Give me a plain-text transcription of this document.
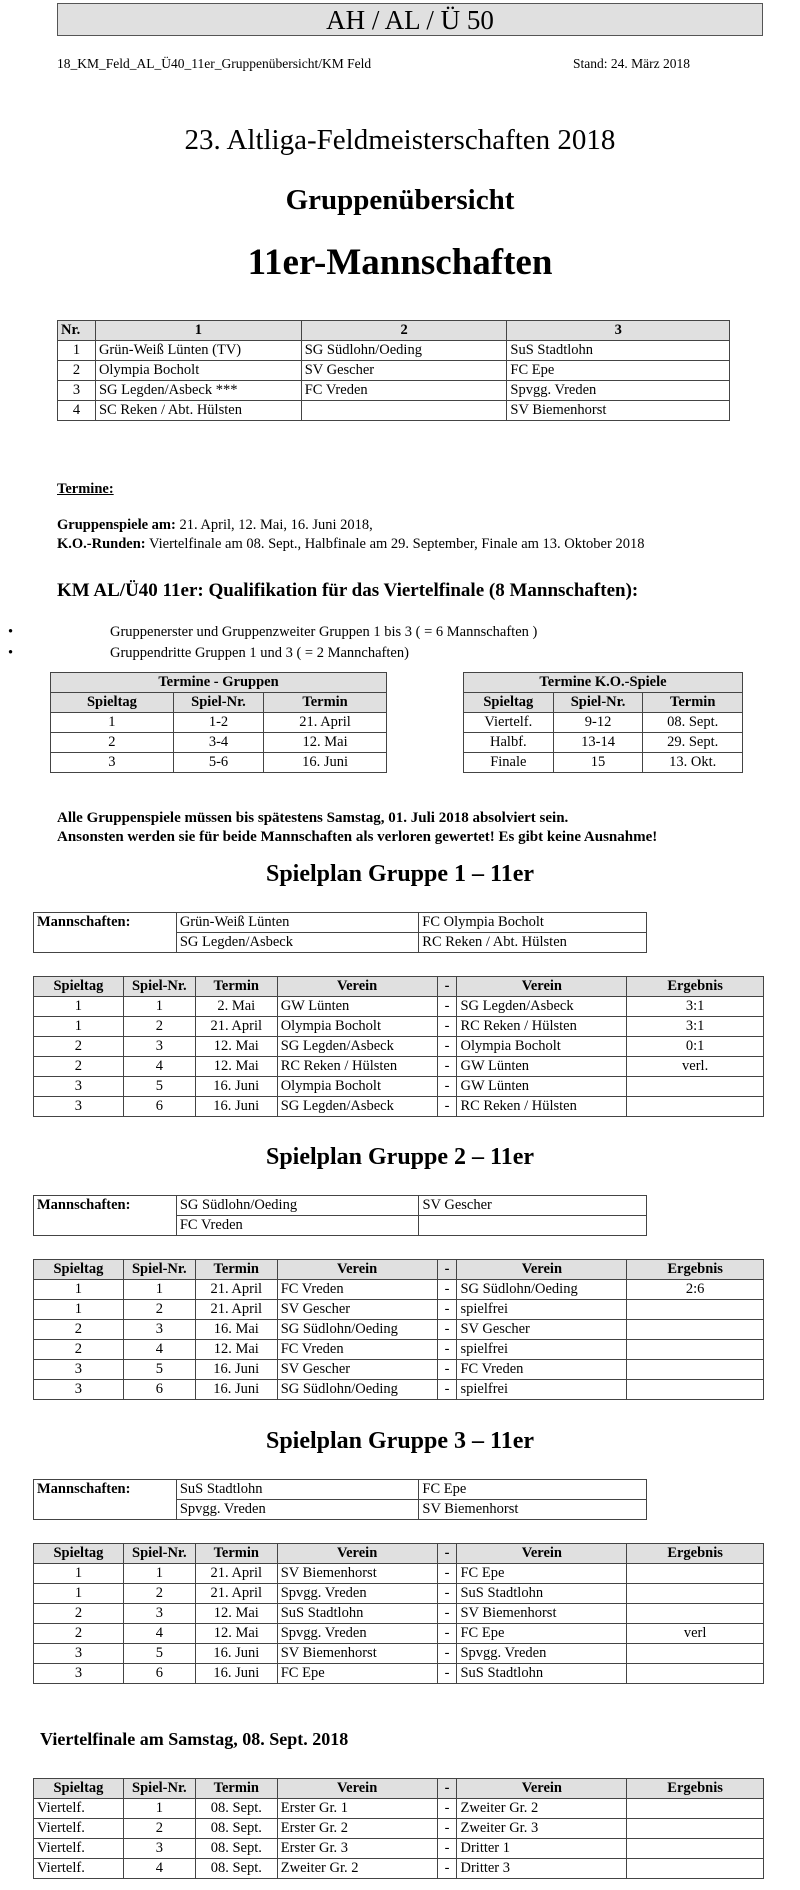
AH / AL / Ü 50
18_KM_Feld_AL_Ü40_11er_Gruppenübersicht/KM Feld	Stand: 24. März 2018
23. Altliga-Feldmeisterschaften 2018
Gruppenübersicht
11er-Mannschaften
Nr.	1	2	3
1	Grün-Weiß Lünten (TV)	SG Südlohn/Oeding	SuS Stadtlohn
2	Olympia Bocholt	SV Gescher	FC Epe
3	SG Legden/Asbeck ***	FC Vreden	Spvgg. Vreden
4	SC Reken / Abt. Hülsten		SV Biemenhorst
Termine:
Gruppenspiele am: 21. April, 12. Mai, 16. Juni 2018,
K.O.-Runden: Viertelfinale am 08. Sept., Halbfinale am 29. September, Finale am 13. Oktober 2018
KM AL/Ü40 11er: Qualifikation für das Viertelfinale (8 Mannschaften):
•	Gruppenerster und Gruppenzweiter Gruppen 1 bis 3 ( = 6 Mannschaften )
•	Gruppendritte Gruppen 1 und 3 ( = 2 Mannchaften)
Termine - Gruppen		
Spieltag	Spiel-Nr.	Termin
1	1-2	21. April
2	3-4	12. Mai
3	5-6	16. Juni
Termine K.O.-Spiele		
Spieltag	Spiel-Nr.	Termin
Viertelf.	9-12	08. Sept.
Halbf.	13-14	29. Sept.
Finale	15	13. Okt.
Alle Gruppenspiele müssen bis spätestens Samstag, 01. Juli 2018 absolviert sein.
Ansonsten werden sie für beide Mannschaften als verloren gewertet! Es gibt keine Ausnahme!
Spielplan Gruppe 1 – 11er
Mannschaften:	Grün-Weiß Lünten	FC Olympia Bocholt
	SG Legden/Asbeck	RC Reken / Abt. Hülsten
Spieltag	Spiel-Nr.	Termin	Verein	-	Verein	Ergebnis
1	1	2. Mai	GW Lünten	-	SG Legden/Asbeck	3:1
1	2	21. April	Olympia Bocholt	-	RC Reken / Hülsten	3:1
2	3	12. Mai	SG Legden/Asbeck	-	Olympia Bocholt	0:1
2	4	12. Mai	RC Reken / Hülsten	-	GW Lünten	verl.
3	5	16. Juni	Olympia Bocholt	-	GW Lünten	
3	6	16. Juni	SG Legden/Asbeck	-	RC Reken / Hülsten	
Spielplan Gruppe 2 – 11er
Mannschaften:	SG Südlohn/Oeding	SV Gescher
	FC Vreden	
Spieltag	Spiel-Nr.	Termin	Verein	-	Verein	Ergebnis
1	1	21. April	FC Vreden	-	SG Südlohn/Oeding	2:6
1	2	21. April	SV Gescher	-	spielfrei	
2	3	16. Mai	SG Südlohn/Oeding	-	SV Gescher	
2	4	12. Mai	FC Vreden	-	spielfrei	
3	5	16. Juni	SV Gescher	-	FC Vreden	
3	6	16. Juni	SG Südlohn/Oeding	-	spielfrei	
Spielplan Gruppe 3 – 11er
Mannschaften:	SuS Stadtlohn	FC Epe
	Spvgg. Vreden	SV Biemenhorst
Spieltag	Spiel-Nr.	Termin	Verein	-	Verein	Ergebnis
1	1	21. April	SV Biemenhorst	-	FC Epe	
1	2	21. April	Spvgg. Vreden	-	SuS Stadtlohn	
2	3	12. Mai	SuS Stadtlohn	-	SV Biemenhorst	
2	4	12. Mai	Spvgg. Vreden	-	FC Epe	verl
3	5	16. Juni	SV Biemenhorst	-	Spvgg. Vreden	
3	6	16. Juni	FC Epe	-	SuS Stadtlohn	
Viertelfinale am Samstag, 08. Sept. 2018
Spieltag	Spiel-Nr.	Termin	Verein	-	Verein	Ergebnis
Viertelf.	1	08. Sept.	Erster Gr. 1	-	Zweiter Gr. 2	
Viertelf.	2	08. Sept.	Erster Gr. 2	-	Zweiter Gr. 3	
Viertelf.	3	08. Sept.	Erster Gr. 3	-	Dritter 1	
Viertelf.	4	08. Sept.	Zweiter Gr. 2	-	Dritter 3	
